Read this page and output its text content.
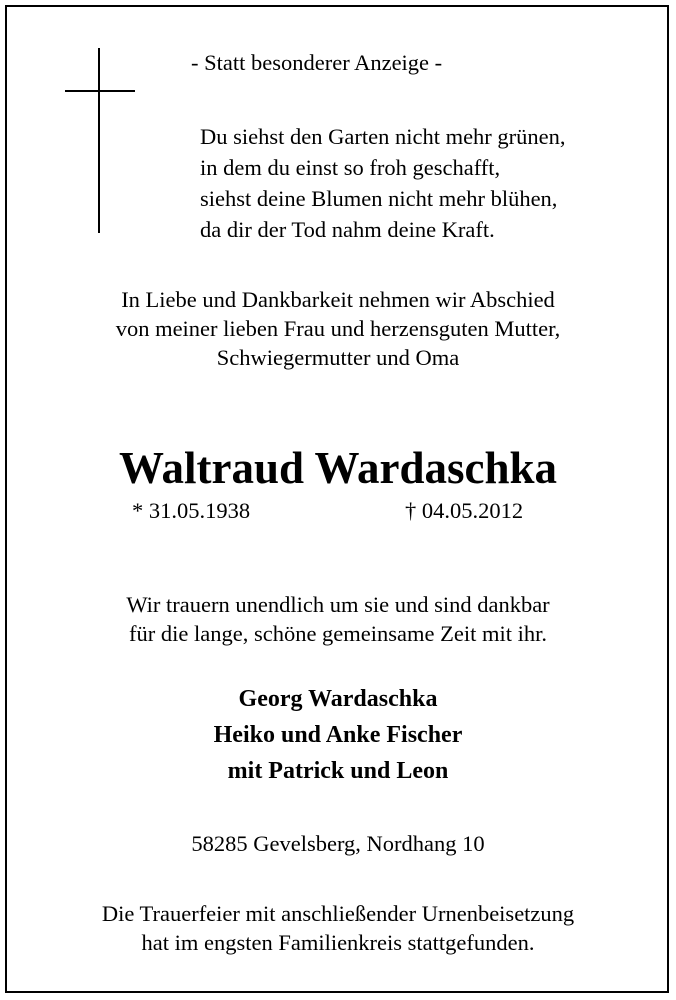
- Statt besonderer Anzeige -
Du siehst den Garten nicht mehr grünen,
in dem du einst so froh geschafft,
siehst deine Blumen nicht mehr blühen,
da dir der Tod nahm deine Kraft.
In Liebe und Dankbarkeit nehmen wir Abschied
von meiner lieben Frau und herzensguten Mutter,
Schwiegermutter und Oma
Waltraud Wardaschka
* 31.05.1938	† 04.05.2012
Wir trauern unendlich um sie und sind dankbar
für die lange, schöne gemeinsame Zeit mit ihr.
Georg Wardaschka
Heiko und Anke Fischer
mit Patrick und Leon
58285 Gevelsberg, Nordhang 10
Die Trauerfeier mit anschließender Urnenbeisetzung
hat im engsten Familienkreis stattgefunden.
